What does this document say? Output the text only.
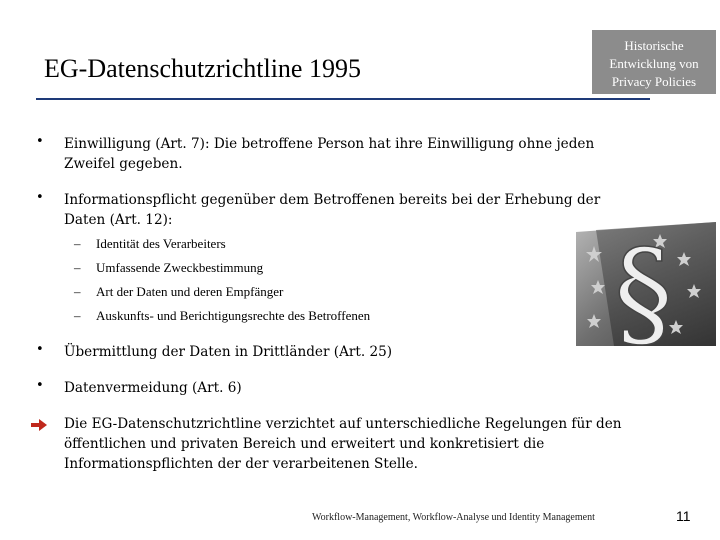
EG-Datenschutzrichtline 1995
Historische
Entwicklung von
Privacy Policies
• Einwilligung (Art. 7): Die betroffene Person hat ihre Einwilligung ohne jeden
Zweifel gegeben.
• Informationspflicht gegenüber dem Betroffenen bereits bei der Erhebung der
Daten (Art. 12):
– Identität des Verarbeiters
– Umfassende Zweckbestimmung
– Art der Daten und deren Empfänger
– Auskunfts- und Berichtigungsrechte des Betroffenen
• Übermittlung der Daten in Drittländer (Art. 25)
• Datenvermeidung (Art. 6)
Die EG-Datenschutzrichtline verzichtet auf unterschiedliche Regelungen für den
öffentlichen und privaten Bereich und erweitert und konkretisiert die
Informationspflichten der der verarbeitenen Stelle.
§
Workflow-Management, Workflow-Analyse und Identity Management	11
